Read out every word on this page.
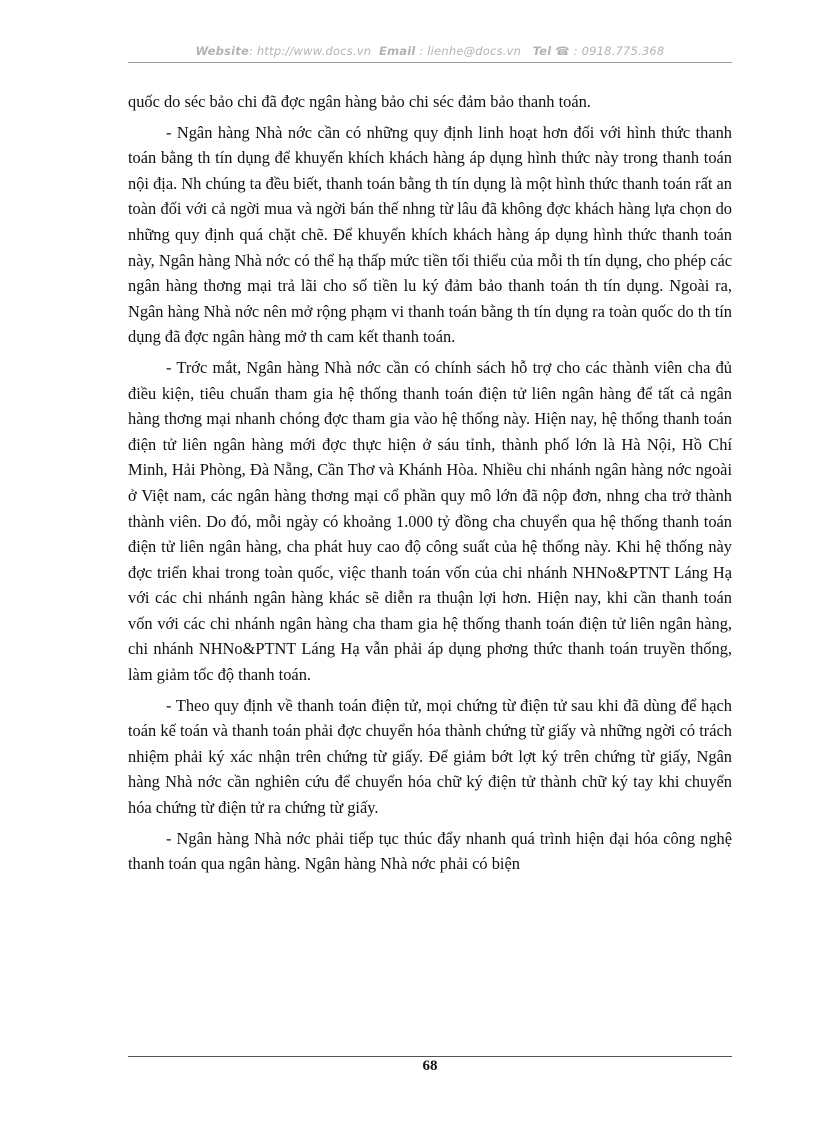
Website: http://www.docs.vn Email : lienhe@docs.vn Tel ☎ : 0918.775.368

quốc do séc bảo chi đã đợc ngân hàng bảo chi séc đảm bảo thanh toán.

- Ngân hàng Nhà nớc cần có những quy định linh hoạt hơn đối với hình thức thanh toán bằng th tín dụng để khuyến khích khách hàng áp dụng hình thức này trong thanh toán nội địa. Nh chúng ta đều biết, thanh toán bằng th tín dụng là một hình thức thanh toán rất an toàn đối với cả ngời mua và ngời bán thế nhng từ lâu đã không đợc khách hàng lựa chọn do những quy định quá chặt chẽ. Để khuyến khích khách hàng áp dụng hình thức thanh toán này, Ngân hàng Nhà nớc có thể hạ thấp mức tiền tối thiểu của mỗi th tín dụng, cho phép các ngân hàng thơng mại trả lãi cho số tiền lu ký đảm bảo thanh toán th tín dụng. Ngoài ra, Ngân hàng Nhà nớc nên mở rộng phạm vi thanh toán bằng th tín dụng ra toàn quốc do th tín dụng đã đợc ngân hàng mở th cam kết thanh toán.

- Trớc mắt, Ngân hàng Nhà nớc cần có chính sách hỗ trợ cho các thành viên cha đủ điều kiện, tiêu chuẩn tham gia hệ thống thanh toán điện tử liên ngân hàng để tất cả ngân hàng thơng mại nhanh chóng đợc tham gia vào hệ thống này. Hiện nay, hệ thống thanh toán điện tử liên ngân hàng mới đợc thực hiện ở sáu tỉnh, thành phố lớn là Hà Nội, Hồ Chí Minh, Hải Phòng, Đà Nẵng, Cần Thơ và Khánh Hòa. Nhiều chi nhánh ngân hàng nớc ngoài ở Việt nam, các ngân hàng thơng mại cổ phần quy mô lớn đã nộp đơn, nhng cha trở thành thành viên. Do đó, mỗi ngày có khoảng 1.000 tỷ đồng cha chuyển qua hệ thống thanh toán điện tử liên ngân hàng, cha phát huy cao độ công suất của hệ thống này. Khi hệ thống này đợc triển khai trong toàn quốc, việc thanh toán vốn của chi nhánh NHNo&PTNT Láng Hạ với các chi nhánh ngân hàng khác sẽ diễn ra thuận lợi hơn. Hiện nay, khi cần thanh toán vốn với các chi nhánh ngân hàng cha tham gia hệ thống thanh toán điện tử liên ngân hàng, chi nhánh NHNo&PTNT Láng Hạ vẫn phải áp dụng phơng thức thanh toán truyền thống, làm giảm tốc độ thanh toán.

- Theo quy định về thanh toán điện tử, mọi chứng từ điện tử sau khi đã dùng để hạch toán kế toán và thanh toán phải đợc chuyển hóa thành chứng từ giấy và những ngời có trách nhiệm phải ký xác nhận trên chứng từ giấy. Để giảm bớt lợt ký trên chứng từ giấy, Ngân hàng Nhà nớc cần nghiên cứu để chuyển hóa chữ ký điện tử thành chữ ký tay khi chuyển hóa chứng từ điện tử ra chứng từ giấy.

- Ngân hàng Nhà nớc phải tiếp tục thúc đẩy nhanh quá trình hiện đại hóa công nghệ thanh toán qua ngân hàng. Ngân hàng Nhà nớc phải có biện

68
